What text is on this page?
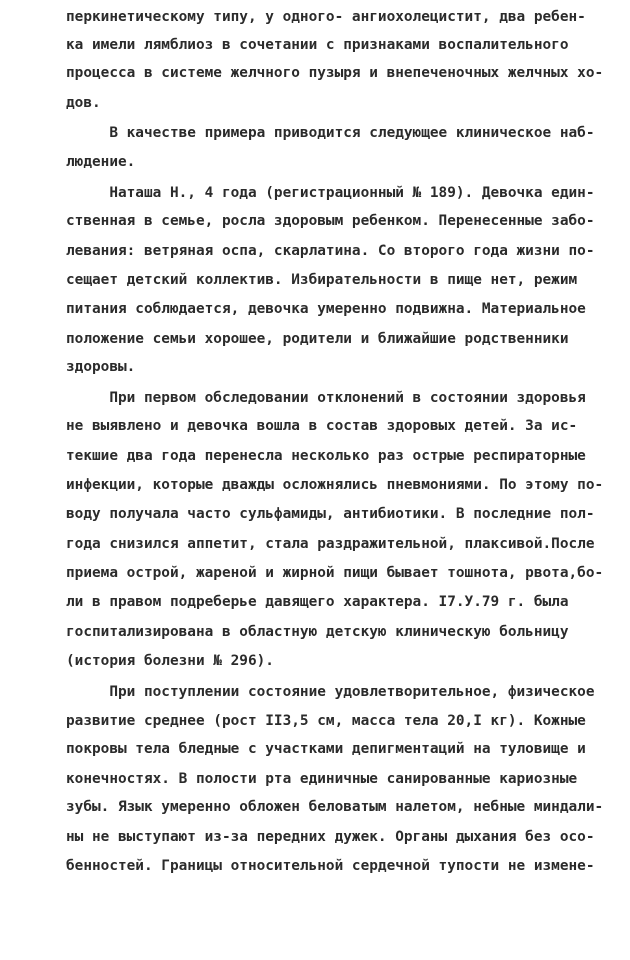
перкинетическому типу, у одного- ангиохолецистит, два ребен-
ка имели лямблиоз в сочетании с признаками воспалительного
процесса в системе желчного пузыря и внепеченочных желчных хо-
дов.
В качестве примера приводится следующее клиническое наб-
людение.
Наташа Н., 4 года (регистрационный № 189). Девочка един-
ственная в семье, росла здоровым ребенком. Перенесенные забо-
левания: ветряная оспа, скарлатина. Со второго года жизни по-
сещает детский коллектив. Избирательности в пище нет, режим
питания соблюдается, девочка умеренно подвижна. Материальное
положение семьи хорошее, родители и ближайшие родственники
здоровы.
При первом обследовании отклонений в состоянии здоровья
не выявлено и девочка вошла в состав здоровых детей. За ис-
текшие два года перенесла несколько раз острые респираторные
инфекции, которые дважды осложнялись пневмониями. По этому по-
воду получала часто сульфамиды, антибиотики. В последние пол-
года снизился аппетит, стала раздражительной, плаксивой.После
приема острой, жареной и жирной пищи бывает тошнота, рвота,бо-
ли в правом подреберье давящего характера. I7.У.79 г. была
госпитализирована в областную детскую клиническую больницу
(история болезни № 296).
При поступлении состояние удовлетворительное, физическое
развитие среднее (рост II3,5 см, масса тела 20,I кг). Кожные
покровы тела бледные с участками депигментаций на туловище и
конечностях. В полости рта единичные санированные кариозные
зубы. Язык умеренно обложен беловатым налетом, небные миндали-
ны не выступают из-за передних дужек. Органы дыхания без осо-
бенностей. Границы относительной сердечной тупости не измене-
